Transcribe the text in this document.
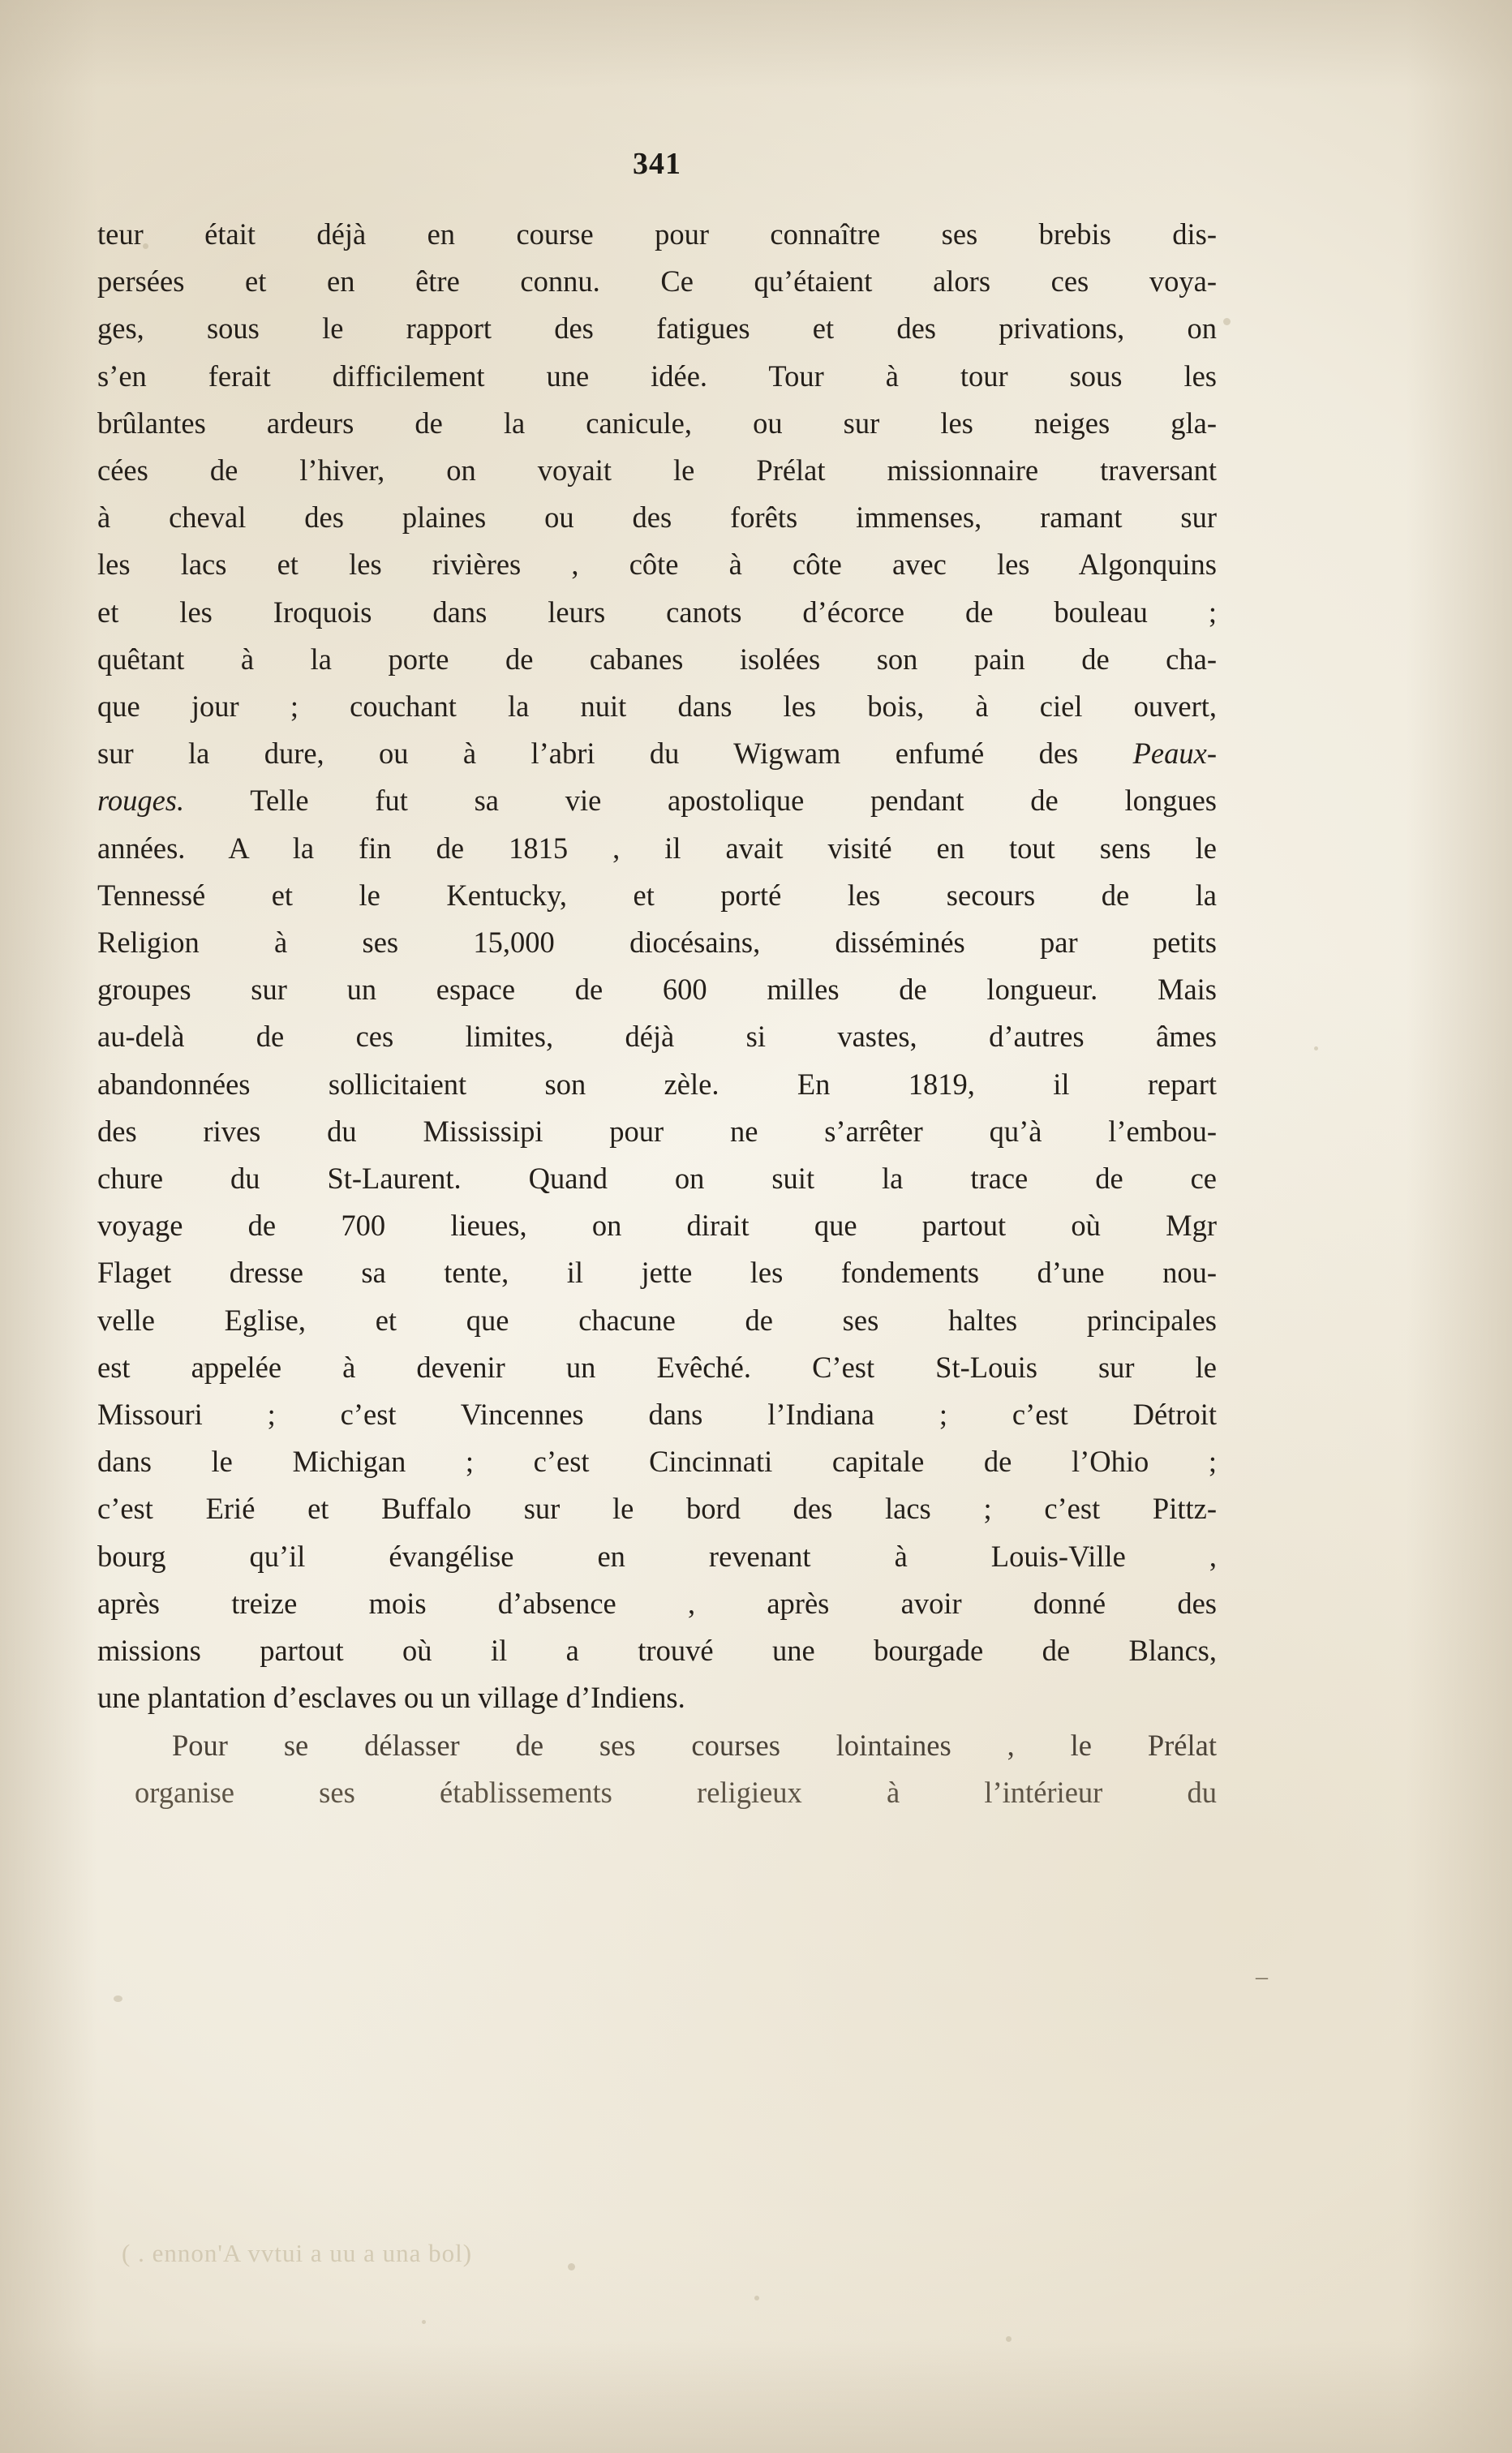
–
341

teur était déjà en course pour connaître ses brebis dis-
persées et en être connu. Ce qu’étaient alors ces voya-
ges, sous le rapport des fatigues et des privations, on
s’en ferait difficilement une idée. Tour à tour sous les
brûlantes ardeurs de la canicule, ou sur les neiges gla-
cées de l’hiver, on voyait le Prélat missionnaire traversant
à cheval des plaines ou des forêts immenses, ramant sur
les lacs et les rivières , côte à côte avec les Algonquins
et les Iroquois dans leurs canots d’écorce de bouleau ;
quêtant à la porte de cabanes isolées son pain de cha-
que jour ; couchant la nuit dans les bois, à ciel ouvert,
sur la dure, ou à l’abri du Wigwam enfumé des Peaux-
rouges. Telle fut sa vie apostolique pendant de longues
années. A la fin de 1815 , il avait visité en tout sens le
Tennessé et le Kentucky, et porté les secours de la
Religion à ses 15,000 diocésains, disséminés par petits
groupes sur un espace de 600 milles de longueur. Mais
au-delà de ces limites, déjà si vastes, d’autres âmes
abandonnées sollicitaient son zèle. En 1819, il repart
des rives du Mississipi pour ne s’arrêter qu’à l’embou-
chure du St-Laurent. Quand on suit la trace de ce
voyage de 700 lieues, on dirait que partout où Mgr
Flaget dresse sa tente, il jette les fondements d’une nou-
velle Eglise, et que chacune de ses haltes principales
est appelée à devenir un Evêché. C’est St-Louis sur le
Missouri ; c’est Vincennes dans l’Indiana ; c’est Détroit
dans le Michigan ; c’est Cincinnati capitale de l’Ohio ;
c’est Erié et Buffalo sur le bord des lacs ; c’est Pittz-
bourg qu’il évangélise en revenant à Louis-Ville ,
après treize mois d’absence , après avoir donné des
missions partout où il a trouvé une bourgade de Blancs,
une plantation d’esclaves ou un village d’Indiens.

Pour se délasser de ses courses lointaines , le Prélat
organise ses établissements religieux à l’intérieur du

( . ennon'A vvtui a uu a una bol)
